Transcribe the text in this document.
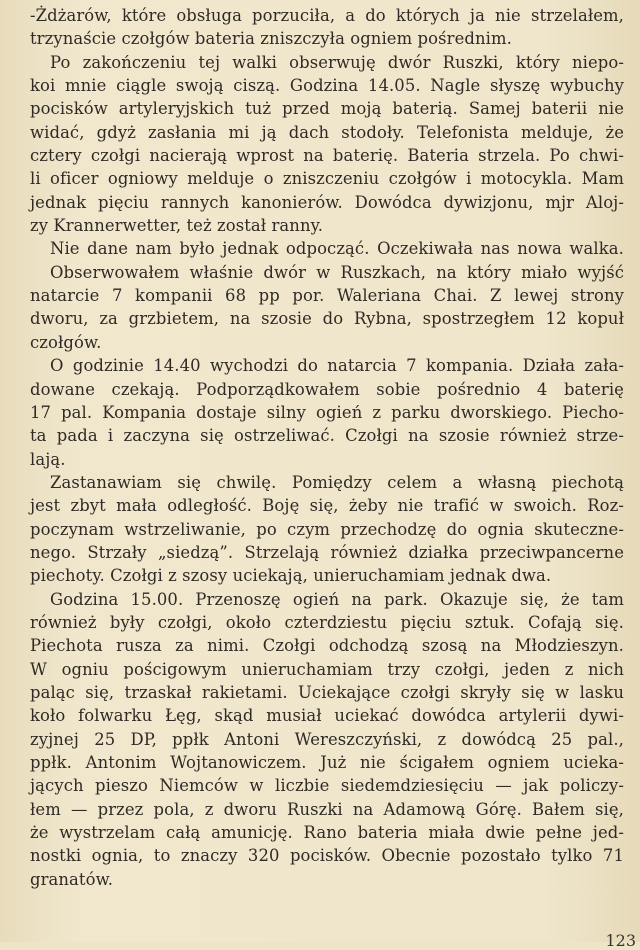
-Żdżarów, które obsługa porzuciła, a do których ja nie strzelałem,
trzynaście czołgów bateria zniszczyła ogniem pośrednim.
Po zakończeniu tej walki obserwuję dwór Ruszki, który niepo-
koi mnie ciągle swoją ciszą. Godzina 14.05. Nagle słyszę wybuchy
pocisków artyleryjskich tuż przed moją baterią. Samej baterii nie
widać, gdyż zasłania mi ją dach stodoły. Telefonista melduje, że
cztery czołgi nacierają wprost na baterię. Bateria strzela. Po chwi-
li oficer ogniowy melduje o zniszczeniu czołgów i motocykla. Mam
jednak pięciu rannych kanonierów. Dowódca dywizjonu, mjr Aloj-
zy Krannerwetter, też został ranny.
Nie dane nam było jednak odpocząć. Oczekiwała nas nowa walka.
Obserwowałem właśnie dwór w Ruszkach, na który miało wyjść
natarcie 7 kompanii 68 pp por. Waleriana Chai. Z lewej strony
dworu, za grzbietem, na szosie do Rybna, spostrzegłem 12 kopuł
czołgów.
O godzinie 14.40 wychodzi do natarcia 7 kompania. Działa zała-
dowane czekają. Podporządkowałem sobie pośrednio 4 baterię
17 pal. Kompania dostaje silny ogień z parku dworskiego. Piecho-
ta pada i zaczyna się ostrzeliwać. Czołgi na szosie również strze-
lają.
Zastanawiam się chwilę. Pomiędzy celem a własną piechotą
jest zbyt mała odległość. Boję się, żeby nie trafić w swoich. Roz-
poczynam wstrzeliwanie, po czym przechodzę do ognia skuteczne-
nego. Strzały „siedzą”. Strzelają również działka przeciwpancerne
piechoty. Czołgi z szosy uciekają, unieruchamiam jednak dwa.
Godzina 15.00. Przenoszę ogień na park. Okazuje się, że tam
również były czołgi, około czterdziestu pięciu sztuk. Cofają się.
Piechota rusza za nimi. Czołgi odchodzą szosą na Młodzieszyn.
W ogniu pościgowym unieruchamiam trzy czołgi, jeden z nich
paląc się, trzaskał rakietami. Uciekające czołgi skryły się w lasku
koło folwarku Łęg, skąd musiał uciekać dowódca artylerii dywi-
zyjnej 25 DP, ppłk Antoni Wereszczyński, z dowódcą 25 pal.,
ppłk. Antonim Wojtanowiczem. Już nie ścigałem ogniem ucieka-
jących pieszo Niemców w liczbie siedemdziesięciu — jak policzy-
łem — przez pola, z dworu Ruszki na Adamową Górę. Bałem się,
że wystrzelam całą amunicję. Rano bateria miała dwie pełne jed-
nostki ognia, to znaczy 320 pocisków. Obecnie pozostało tylko 71
granatów.
123
